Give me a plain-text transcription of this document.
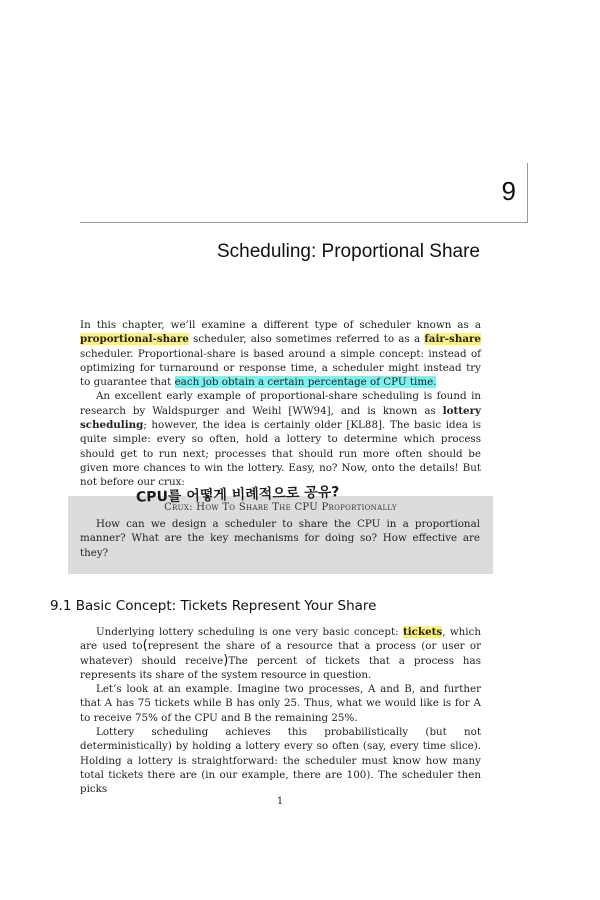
9
Scheduling: Proportional Share

In this chapter, we’ll examine a different type of scheduler known as a proportional-share scheduler, also sometimes referred to as a fair-share scheduler. Proportional-share is based around a simple concept: instead of optimizing for turnaround or response time, a scheduler might instead try to guarantee that each job obtain a certain percentage of CPU time.

An excellent early example of proportional-share scheduling is found in research by Waldspurger and Weihl [WW94], and is known as lottery scheduling; however, the idea is certainly older [KL88]. The basic idea is quite simple: every so often, hold a lottery to determine which process should get to run next; processes that should run more often should be given more chances to win the lottery. Easy, no? Now, onto the details! But not before our crux:

Crux: How To Share The CPU Proportionally
How can we design a scheduler to share the CPU in a proportional manner? What are the key mechanisms for doing so? How effective are they?
CPU를 어떻게 비례적으로 공유?
9.1 Basic Concept: Tickets Represent Your Share

Underlying lottery scheduling is one very basic concept: tickets, which are used to(represent the share of a resource that a process (or user or whatever) should receive)The percent of tickets that a process has represents its share of the system resource in question.

Let’s look at an example. Imagine two processes, A and B, and further that A has 75 tickets while B has only 25. Thus, what we would like is for A to receive 75% of the CPU and B the remaining 25%.

Lottery scheduling achieves this probabilistically (but not deterministically) by holding a lottery every so often (say, every time slice). Holding a lottery is straightforward: the scheduler must know how many total tickets there are (in our example, there are 100). The scheduler then picks

1
